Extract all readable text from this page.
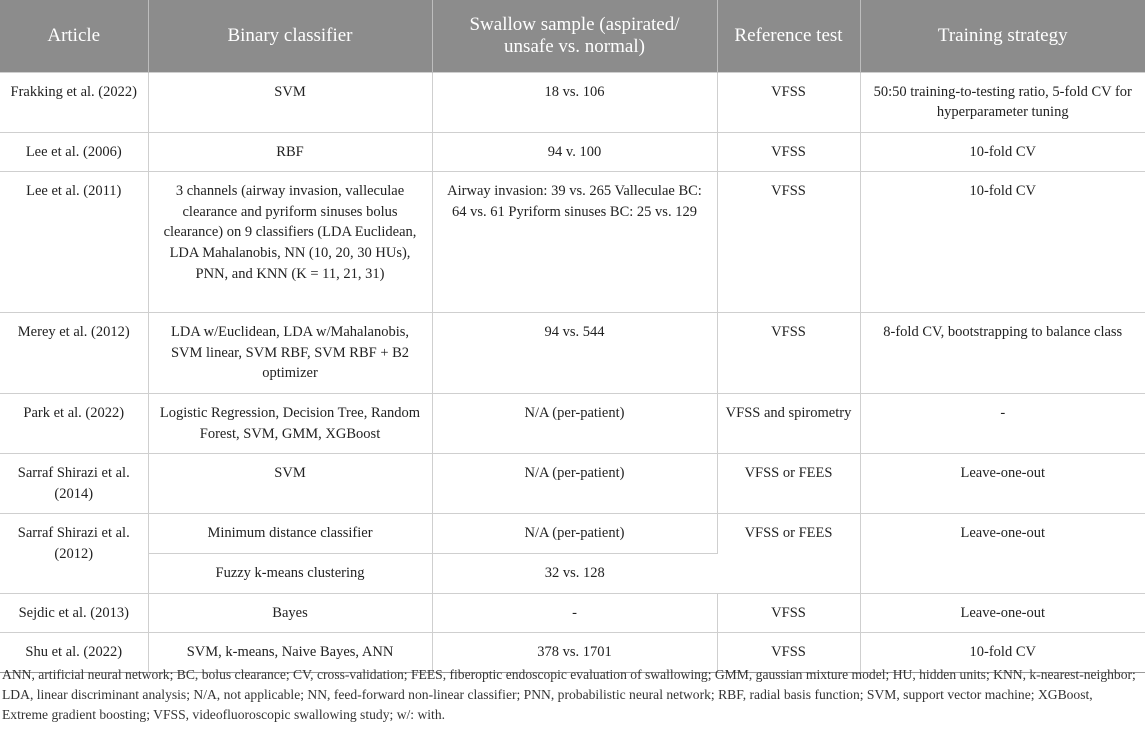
Article	Binary classifier	Swallow sample (aspirated/ unsafe vs. normal)	Reference test	Training strategy
Frakking et al. (2022)	SVM	18 vs. 106	VFSS	50:50 training-to-testing ratio, 5-fold CV for hyperparameter tuning
Lee et al. (2006)	RBF	94 v. 100	VFSS	10-fold CV
Lee et al. (2011)	3 channels (airway invasion, valleculae clearance and pyriform sinuses bolus clearance) on 9 classifiers (LDA Euclidean, LDA Mahalanobis, NN (10, 20, 30 HUs), PNN, and KNN (K = 11, 21, 31)	Airway invasion: 39 vs. 265 Valleculae BC: 64 vs. 61 Pyriform sinuses BC: 25 vs. 129	VFSS	10-fold CV
Merey et al. (2012)	LDA w/Euclidean, LDA w/Mahalanobis, SVM linear, SVM RBF, SVM RBF + B2 optimizer	94 vs. 544	VFSS	8-fold CV, bootstrapping to balance class
Park et al. (2022)	Logistic Regression, Decision Tree, Random Forest, SVM, GMM, XGBoost	N/A (per-patient)	VFSS and spirometry	-
Sarraf Shirazi et al. (2014)	SVM	N/A (per-patient)	VFSS or FEES	Leave-one-out
Sarraf Shirazi et al. (2012)	Minimum distance classifier	N/A (per-patient)	VFSS or FEES	Leave-one-out
	Fuzzy k-means clustering	32 vs. 128		
Sejdic et al. (2013)	Bayes	-	VFSS	Leave-one-out
Shu et al. (2022)	SVM, k-means, Naive Bayes, ANN	378 vs. 1701	VFSS	10-fold CV
ANN, artificial neural network; BC, bolus clearance; CV, cross-validation; FEES, fiberoptic endoscopic evaluation of swallowing; GMM, gaussian mixture model; HU, hidden units; KNN, k-nearest-neighbor; LDA, linear discriminant analysis; N/A, not applicable; NN, feed-forward non-linear classifier; PNN, probabilistic neural network; RBF, radial basis function; SVM, support vector machine; XGBoost, Extreme gradient boosting; VFSS, videofluoroscopic swallowing study; w/: with.
